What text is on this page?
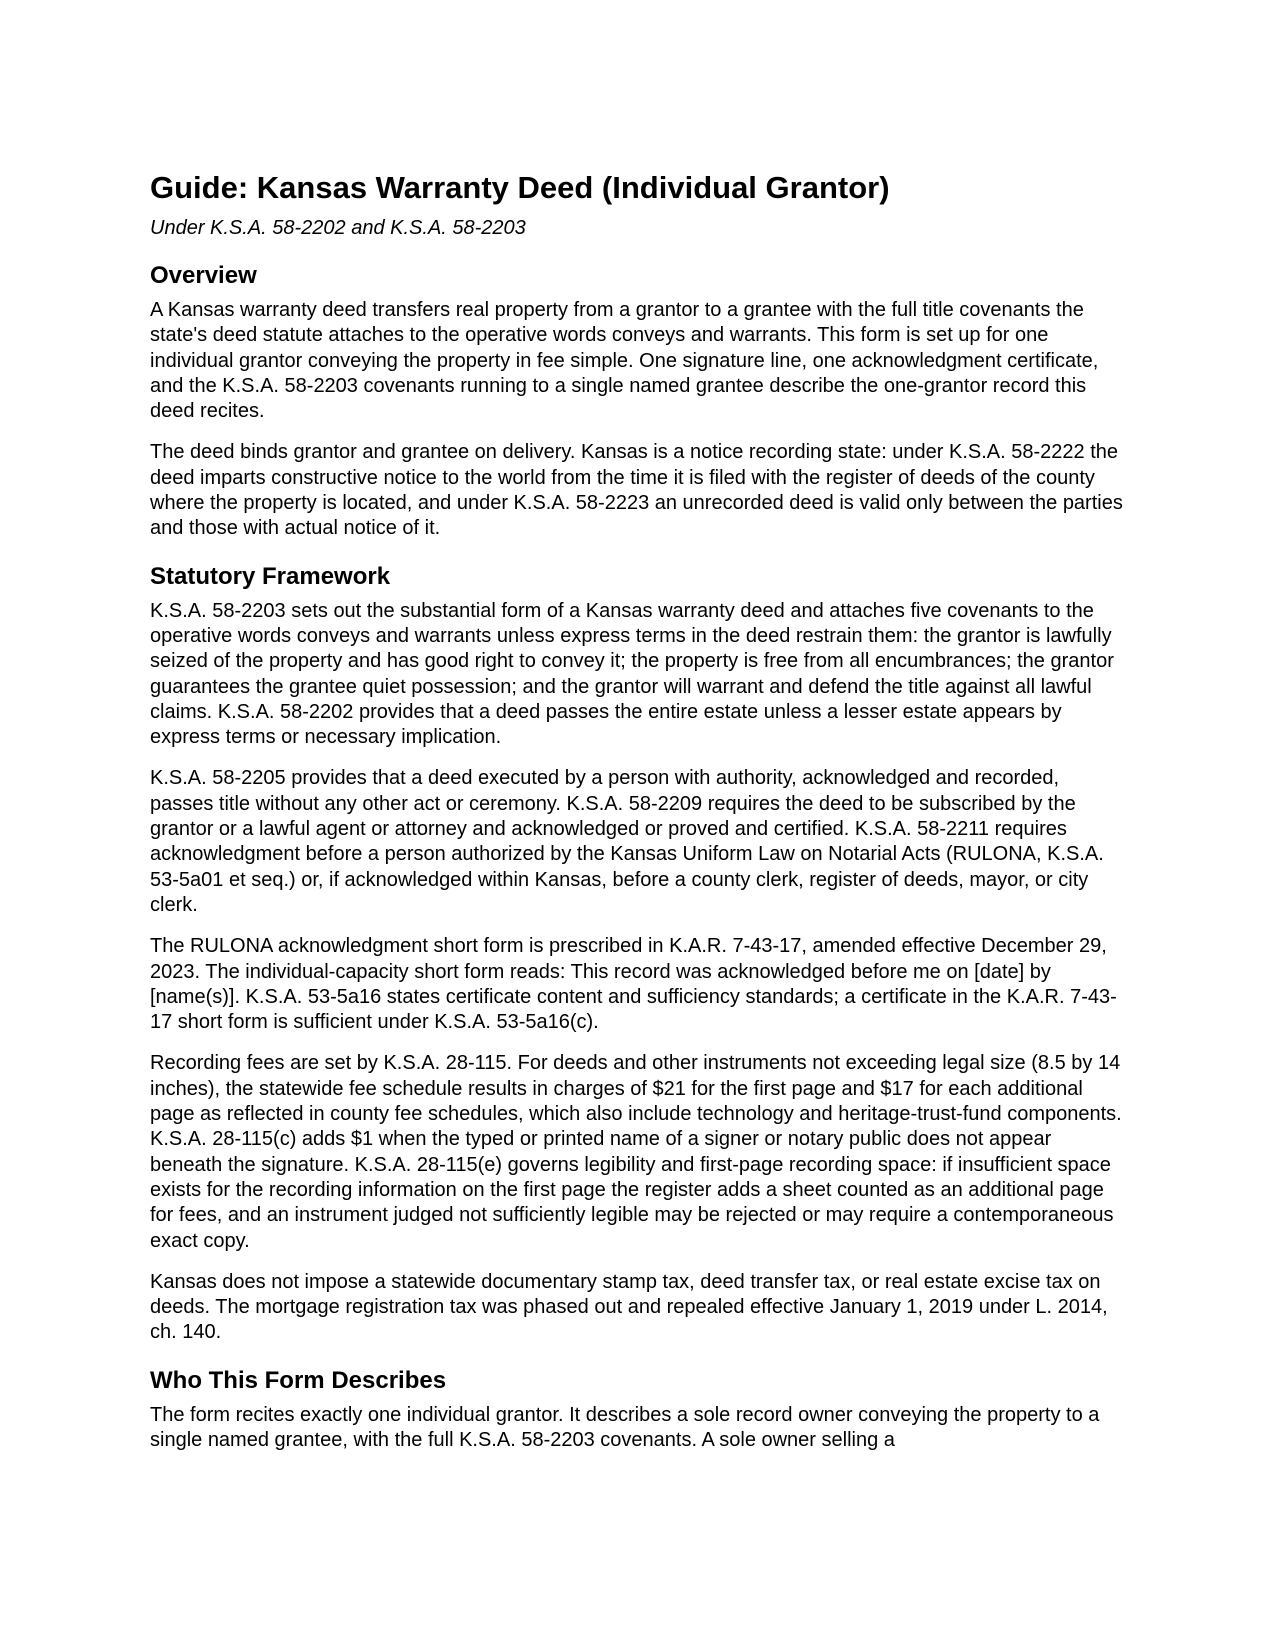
Guide: Kansas Warranty Deed (Individual Grantor)
Under K.S.A. 58-2202 and K.S.A. 58-2203
Overview

A Kansas warranty deed transfers real property from a grantor to a grantee with the full title covenants the state's deed statute attaches to the operative words conveys and warrants. This form is set up for one individual grantor conveying the property in fee simple. One signature line, one acknowledgment certificate, and the K.S.A. 58-2203 covenants running to a single named grantee describe the one-grantor record this deed recites.

The deed binds grantor and grantee on delivery. Kansas is a notice recording state: under K.S.A. 58-2222 the deed imparts constructive notice to the world from the time it is filed with the register of deeds of the county where the property is located, and under K.S.A. 58-2223 an unrecorded deed is valid only between the parties and those with actual notice of it.

Statutory Framework

K.S.A. 58-2203 sets out the substantial form of a Kansas warranty deed and attaches five covenants to the operative words conveys and warrants unless express terms in the deed restrain them: the grantor is lawfully seized of the property and has good right to convey it; the property is free from all encumbrances; the grantor guarantees the grantee quiet possession; and the grantor will warrant and defend the title against all lawful claims. K.S.A. 58-2202 provides that a deed passes the entire estate unless a lesser estate appears by express terms or necessary implication.

K.S.A. 58-2205 provides that a deed executed by a person with authority, acknowledged and recorded, passes title without any other act or ceremony. K.S.A. 58-2209 requires the deed to be subscribed by the grantor or a lawful agent or attorney and acknowledged or proved and certified. K.S.A. 58-2211 requires acknowledgment before a person authorized by the Kansas Uniform Law on Notarial Acts (RULONA, K.S.A. 53-5a01 et seq.) or, if acknowledged within Kansas, before a county clerk, register of deeds, mayor, or city clerk.

The RULONA acknowledgment short form is prescribed in K.A.R. 7-43-17, amended effective December 29, 2023. The individual-capacity short form reads: This record was acknowledged before me on [date] by [name(s)]. K.S.A. 53-5a16 states certificate content and sufficiency standards; a certificate in the K.A.R. 7-43-17 short form is sufficient under K.S.A. 53-5a16(c).

Recording fees are set by K.S.A. 28-115. For deeds and other instruments not exceeding legal size (8.5 by 14 inches), the statewide fee schedule results in charges of $21 for the first page and $17 for each additional page as reflected in county fee schedules, which also include technology and heritage-trust-fund components. K.S.A. 28-115(c) adds $1 when the typed or printed name of a signer or notary public does not appear beneath the signature. K.S.A. 28-115(e) governs legibility and first-page recording space: if insufficient space exists for the recording information on the first page the register adds a sheet counted as an additional page for fees, and an instrument judged not sufficiently legible may be rejected or may require a contemporaneous exact copy.

Kansas does not impose a statewide documentary stamp tax, deed transfer tax, or real estate excise tax on deeds. The mortgage registration tax was phased out and repealed effective January 1, 2019 under L. 2014, ch. 140.

Who This Form Describes

The form recites exactly one individual grantor. It describes a sole record owner conveying the property to a single named grantee, with the full K.S.A. 58-2203 covenants. A sole owner selling a
